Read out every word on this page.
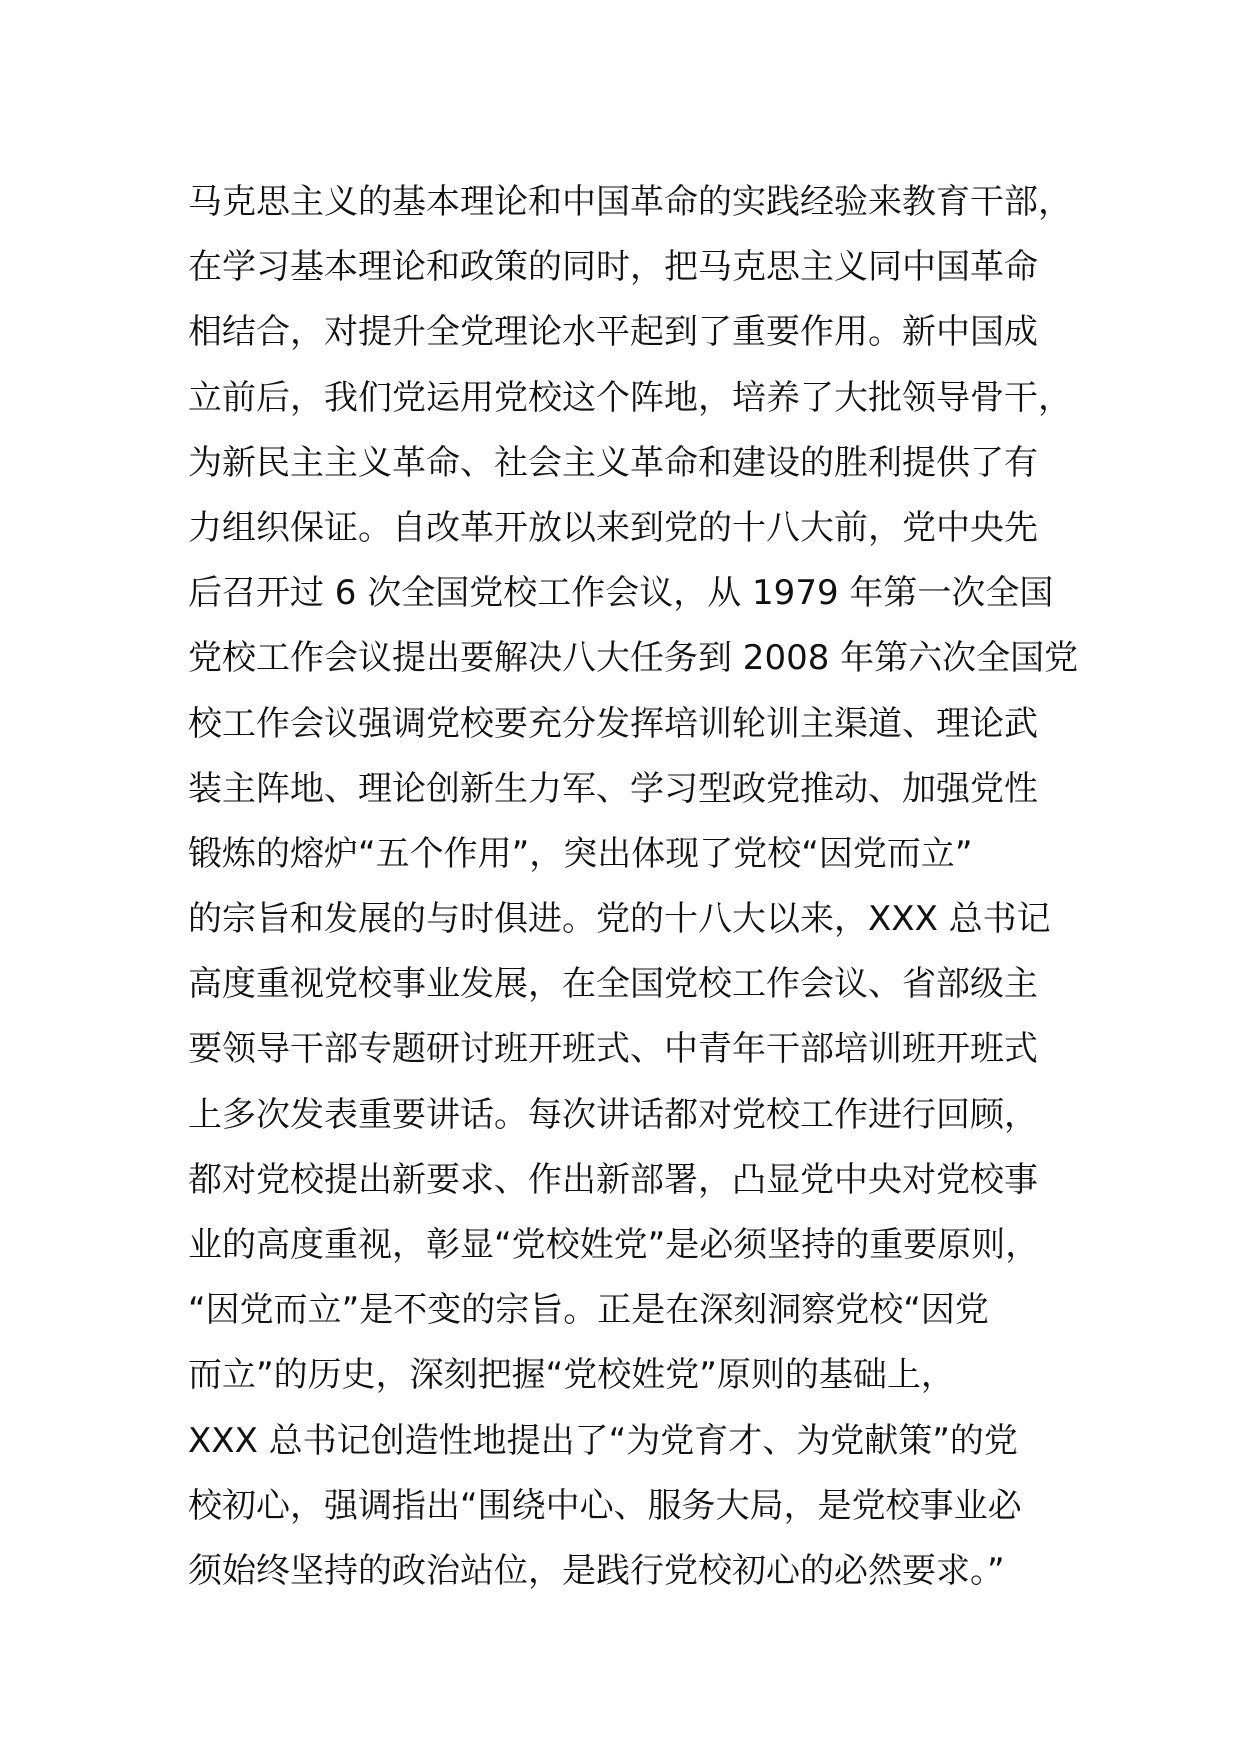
马克思主义的基本理论和中国革命的实践经验来教育干部，
在学习基本理论和政策的同时，把马克思主义同中国革命
相结合，对提升全党理论水平起到了重要作用。新中国成
立前后，我们党运用党校这个阵地，培养了大批领导骨干，
为新民主主义革命、社会主义革命和建设的胜利提供了有
力组织保证。自改革开放以来到党的十八大前，党中央先
后召开过 6 次全国党校工作会议，从 1979 年第一次全国
党校工作会议提出要解决八大任务到 2008 年第六次全国党
校工作会议强调党校要充分发挥培训轮训主渠道、理论武
装主阵地、理论创新生力军、学习型政党推动、加强党性
锻炼的熔炉“五个作用”，突出体现了党校“因党而立”
的宗旨和发展的与时俱进。党的十八大以来，XXX 总书记
高度重视党校事业发展，在全国党校工作会议、省部级主
要领导干部专题研讨班开班式、中青年干部培训班开班式
上多次发表重要讲话。每次讲话都对党校工作进行回顾，
都对党校提出新要求、作出新部署，凸显党中央对党校事
业的高度重视，彰显“党校姓党”是必须坚持的重要原则，
“因党而立”是不变的宗旨。正是在深刻洞察党校“因党
而立”的历史，深刻把握“党校姓党”原则的基础上，
XXX 总书记创造性地提出了“为党育才、为党献策”的党
校初心，强调指出“围绕中心、服务大局，是党校事业必
须始终坚持的政治站位，是践行党校初心的必然要求。”
